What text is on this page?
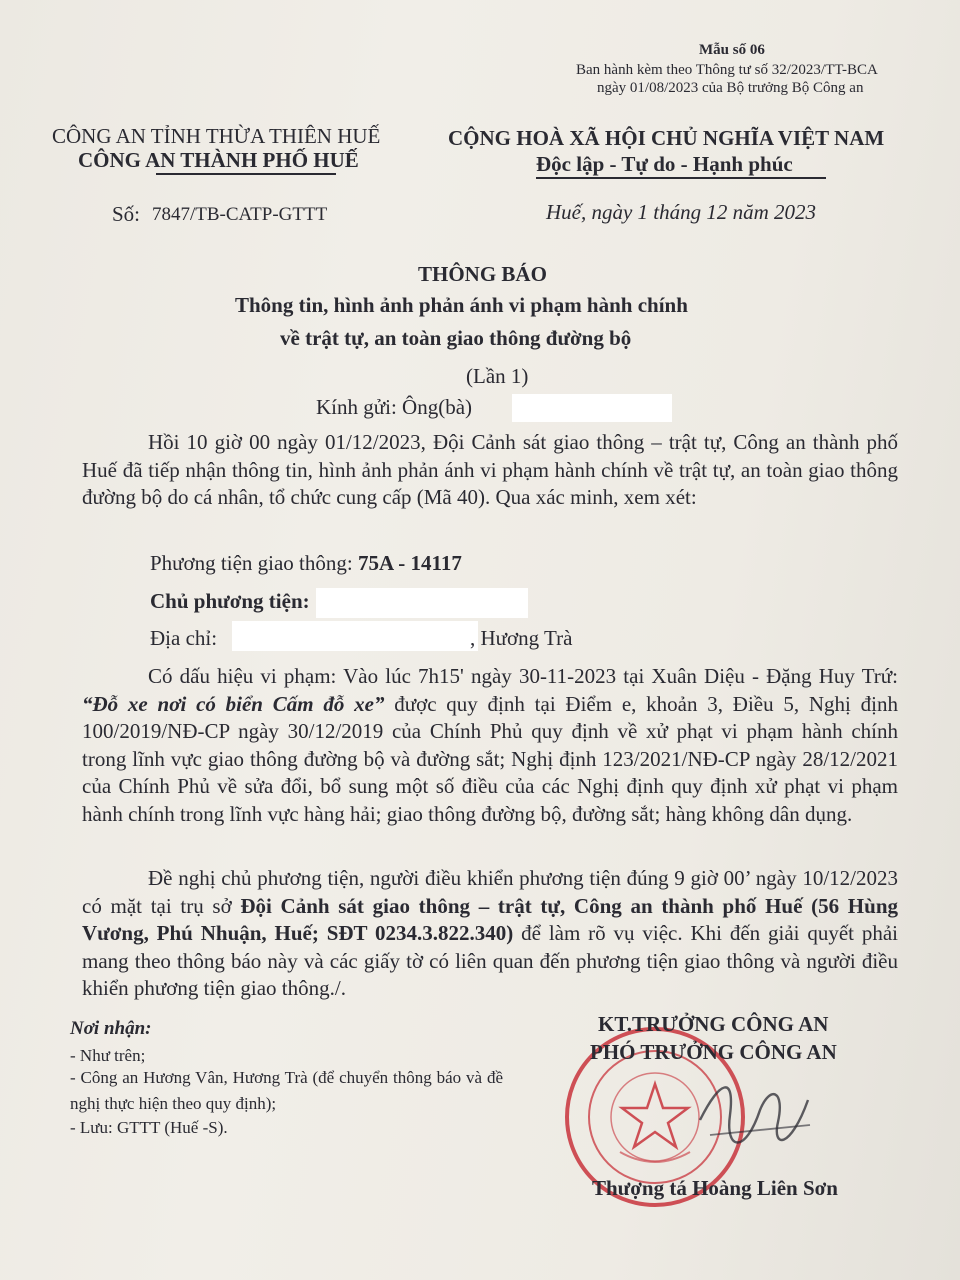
Mẫu số 06
Ban hành kèm theo Thông tư số 32/2023/TT-BCA
ngày 01/08/2023 của Bộ trưởng Bộ Công an
CÔNG AN TỈNH THỪA THIÊN HUẾ
CÔNG AN THÀNH PHỐ HUẾ
Số: 7847/TB-CATP-GTTT
CỘNG HOÀ XÃ HỘI CHỦ NGHĨA VIỆT NAM
Độc lập - Tự do - Hạnh phúc
Huế, ngày 1 tháng 12 năm 2023
THÔNG BÁO
Thông tin, hình ảnh phản ánh vi phạm hành chính
về trật tự, an toàn giao thông đường bộ
(Lần 1)
Kính gửi: Ông(bà)
Hồi 10 giờ 00 ngày 01/12/2023, Đội Cảnh sát giao thông – trật tự, Công an thành phố Huế đã tiếp nhận thông tin, hình ảnh phản ánh vi phạm hành chính về trật tự, an toàn giao thông đường bộ do cá nhân, tổ chức cung cấp (Mã 40). Qua xác minh, xem xét:
Phương tiện giao thông: 75A - 14117
Chủ phương tiện:
Địa chỉ:	, Hương Trà
Có dấu hiệu vi phạm: Vào lúc 7h15' ngày 30-11-2023 tại Xuân Diệu - Đặng Huy Trứ: “Đỗ xe nơi có biển Cấm đỗ xe” được quy định tại Điểm e, khoản 3, Điều 5, Nghị định 100/2019/NĐ-CP ngày 30/12/2019 của Chính Phủ quy định về xử phạt vi phạm hành chính trong lĩnh vực giao thông đường bộ và đường sắt; Nghị định 123/2021/NĐ-CP ngày 28/12/2021 của Chính Phủ về sửa đổi, bổ sung một số điều của các Nghị định quy định xử phạt vi phạm hành chính trong lĩnh vực hàng hải; giao thông đường bộ, đường sắt; hàng không dân dụng.
Đề nghị chủ phương tiện, người điều khiển phương tiện đúng 9 giờ 00’ ngày 10/12/2023 có mặt tại trụ sở Đội Cảnh sát giao thông – trật tự, Công an thành phố Huế (56 Hùng Vương, Phú Nhuận, Huế; SĐT 0234.3.822.340) để làm rõ vụ việc. Khi đến giải quyết phải mang theo thông báo này và các giấy tờ có liên quan đến phương tiện giao thông và người điều khiển phương tiện giao thông./.
Nơi nhận:
- Như trên;
- Công an Hương Vân, Hương Trà (để chuyển thông báo và đề nghị thực hiện theo quy định);
- Lưu: GTTT (Huế -S).
KT.TRƯỞNG CÔNG AN
PHÓ TRƯỞNG CÔNG AN
Thượng tá Hoàng Liên Sơn
